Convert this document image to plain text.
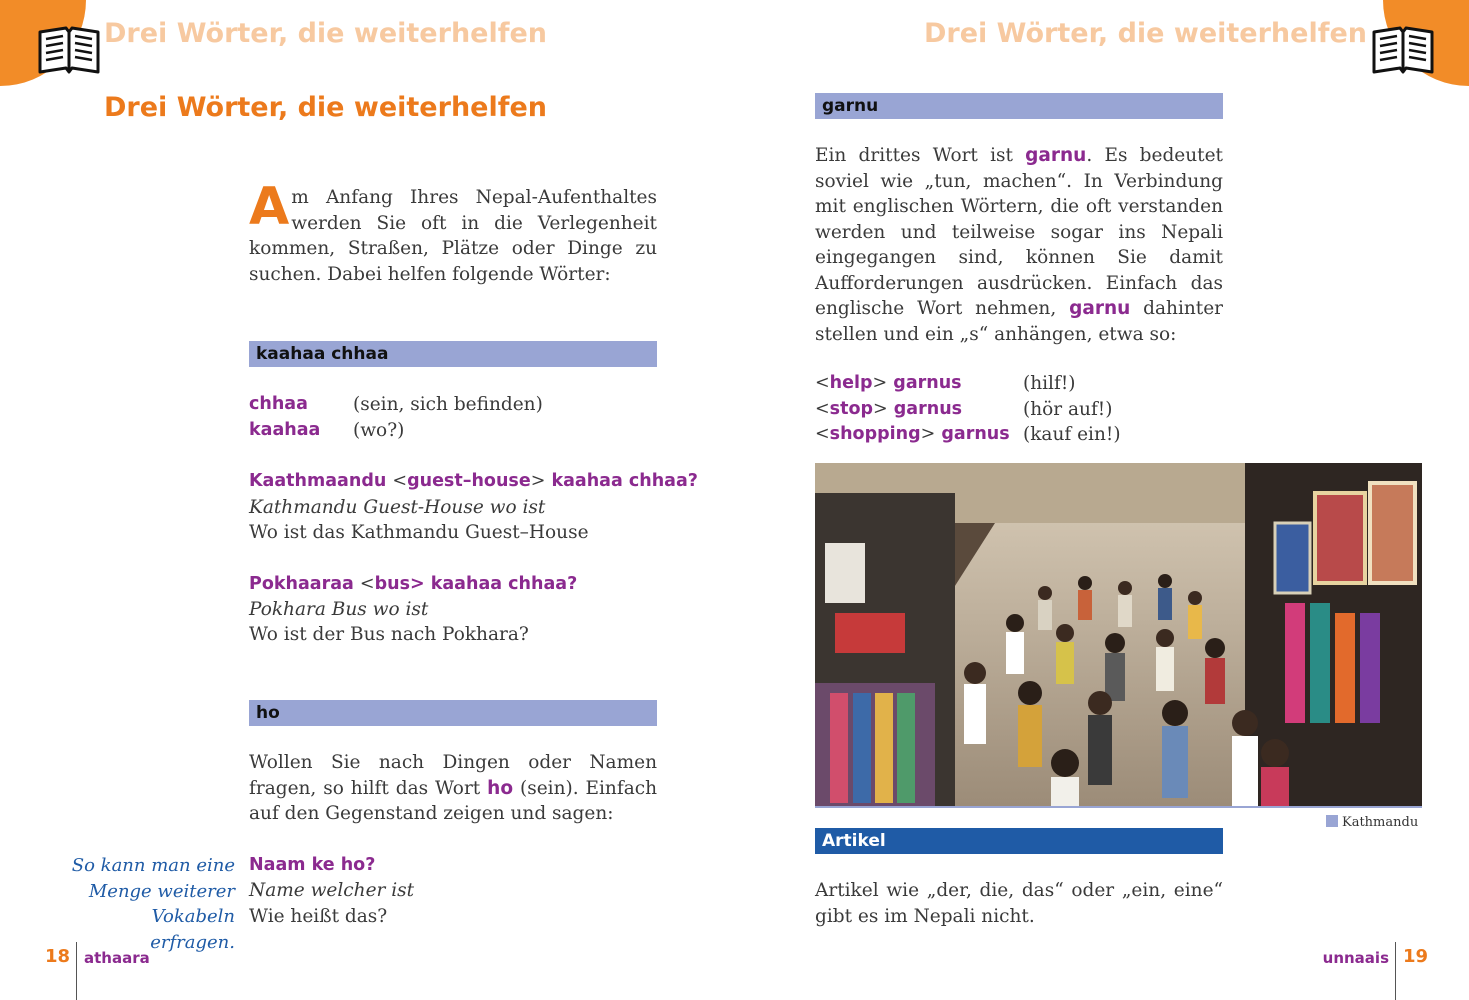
Drei Wörter, die weiterhelfen	Drei Wörter, die weiterhelfen
Drei Wörter, die weiterhelfen

Am Anfang Ihres Nepal-Aufenthaltes werden Sie oft in die Verlegenheit kommen, Straßen, Plätze oder Dinge zu suchen. Dabei helfen folgende Wörter:

kaahaa chhaa
chhaa (sein, sich befinden)
kaahaa (wo?)
Kaathmaandu <guest–house> kaahaa chhaa?
Kathmandu Guest-House wo ist
Wo ist das Kathmandu Guest–House
Pokhaaraa <bus> kaahaa chhaa?
Pokhara Bus wo ist
Wo ist der Bus nach Pokhara?
ho

Wollen Sie nach Dingen oder Namen fragen, so hilft das Wort ho (sein). Einfach auf den Gegenstand zeigen und sagen:

So kann man eine
Menge weiterer
Vokabeln erfragen.
Naam ke ho?
Name welcher ist
Wie heißt das?
18 athaara
garnu

Ein drittes Wort ist garnu. Es bedeutet soviel wie „tun, machen“. In Verbindung mit englischen Wörtern, die oft verstanden werden und teilweise sogar ins Nepali eingegangen sind, können Sie damit Aufforderungen ausdrücken. Einfach das englische Wort nehmen, garnu dahinter stellen und ein „s“ anhängen, etwa so:

<help> garnus	(hilf!)
<stop> garnus	(hör auf!)
<shopping> garnus (kauf ein!)
Kathmandu
Artikel

Artikel wie „der, die, das“ oder „ein, eine“ gibt es im Nepali nicht.

unnaais 19
